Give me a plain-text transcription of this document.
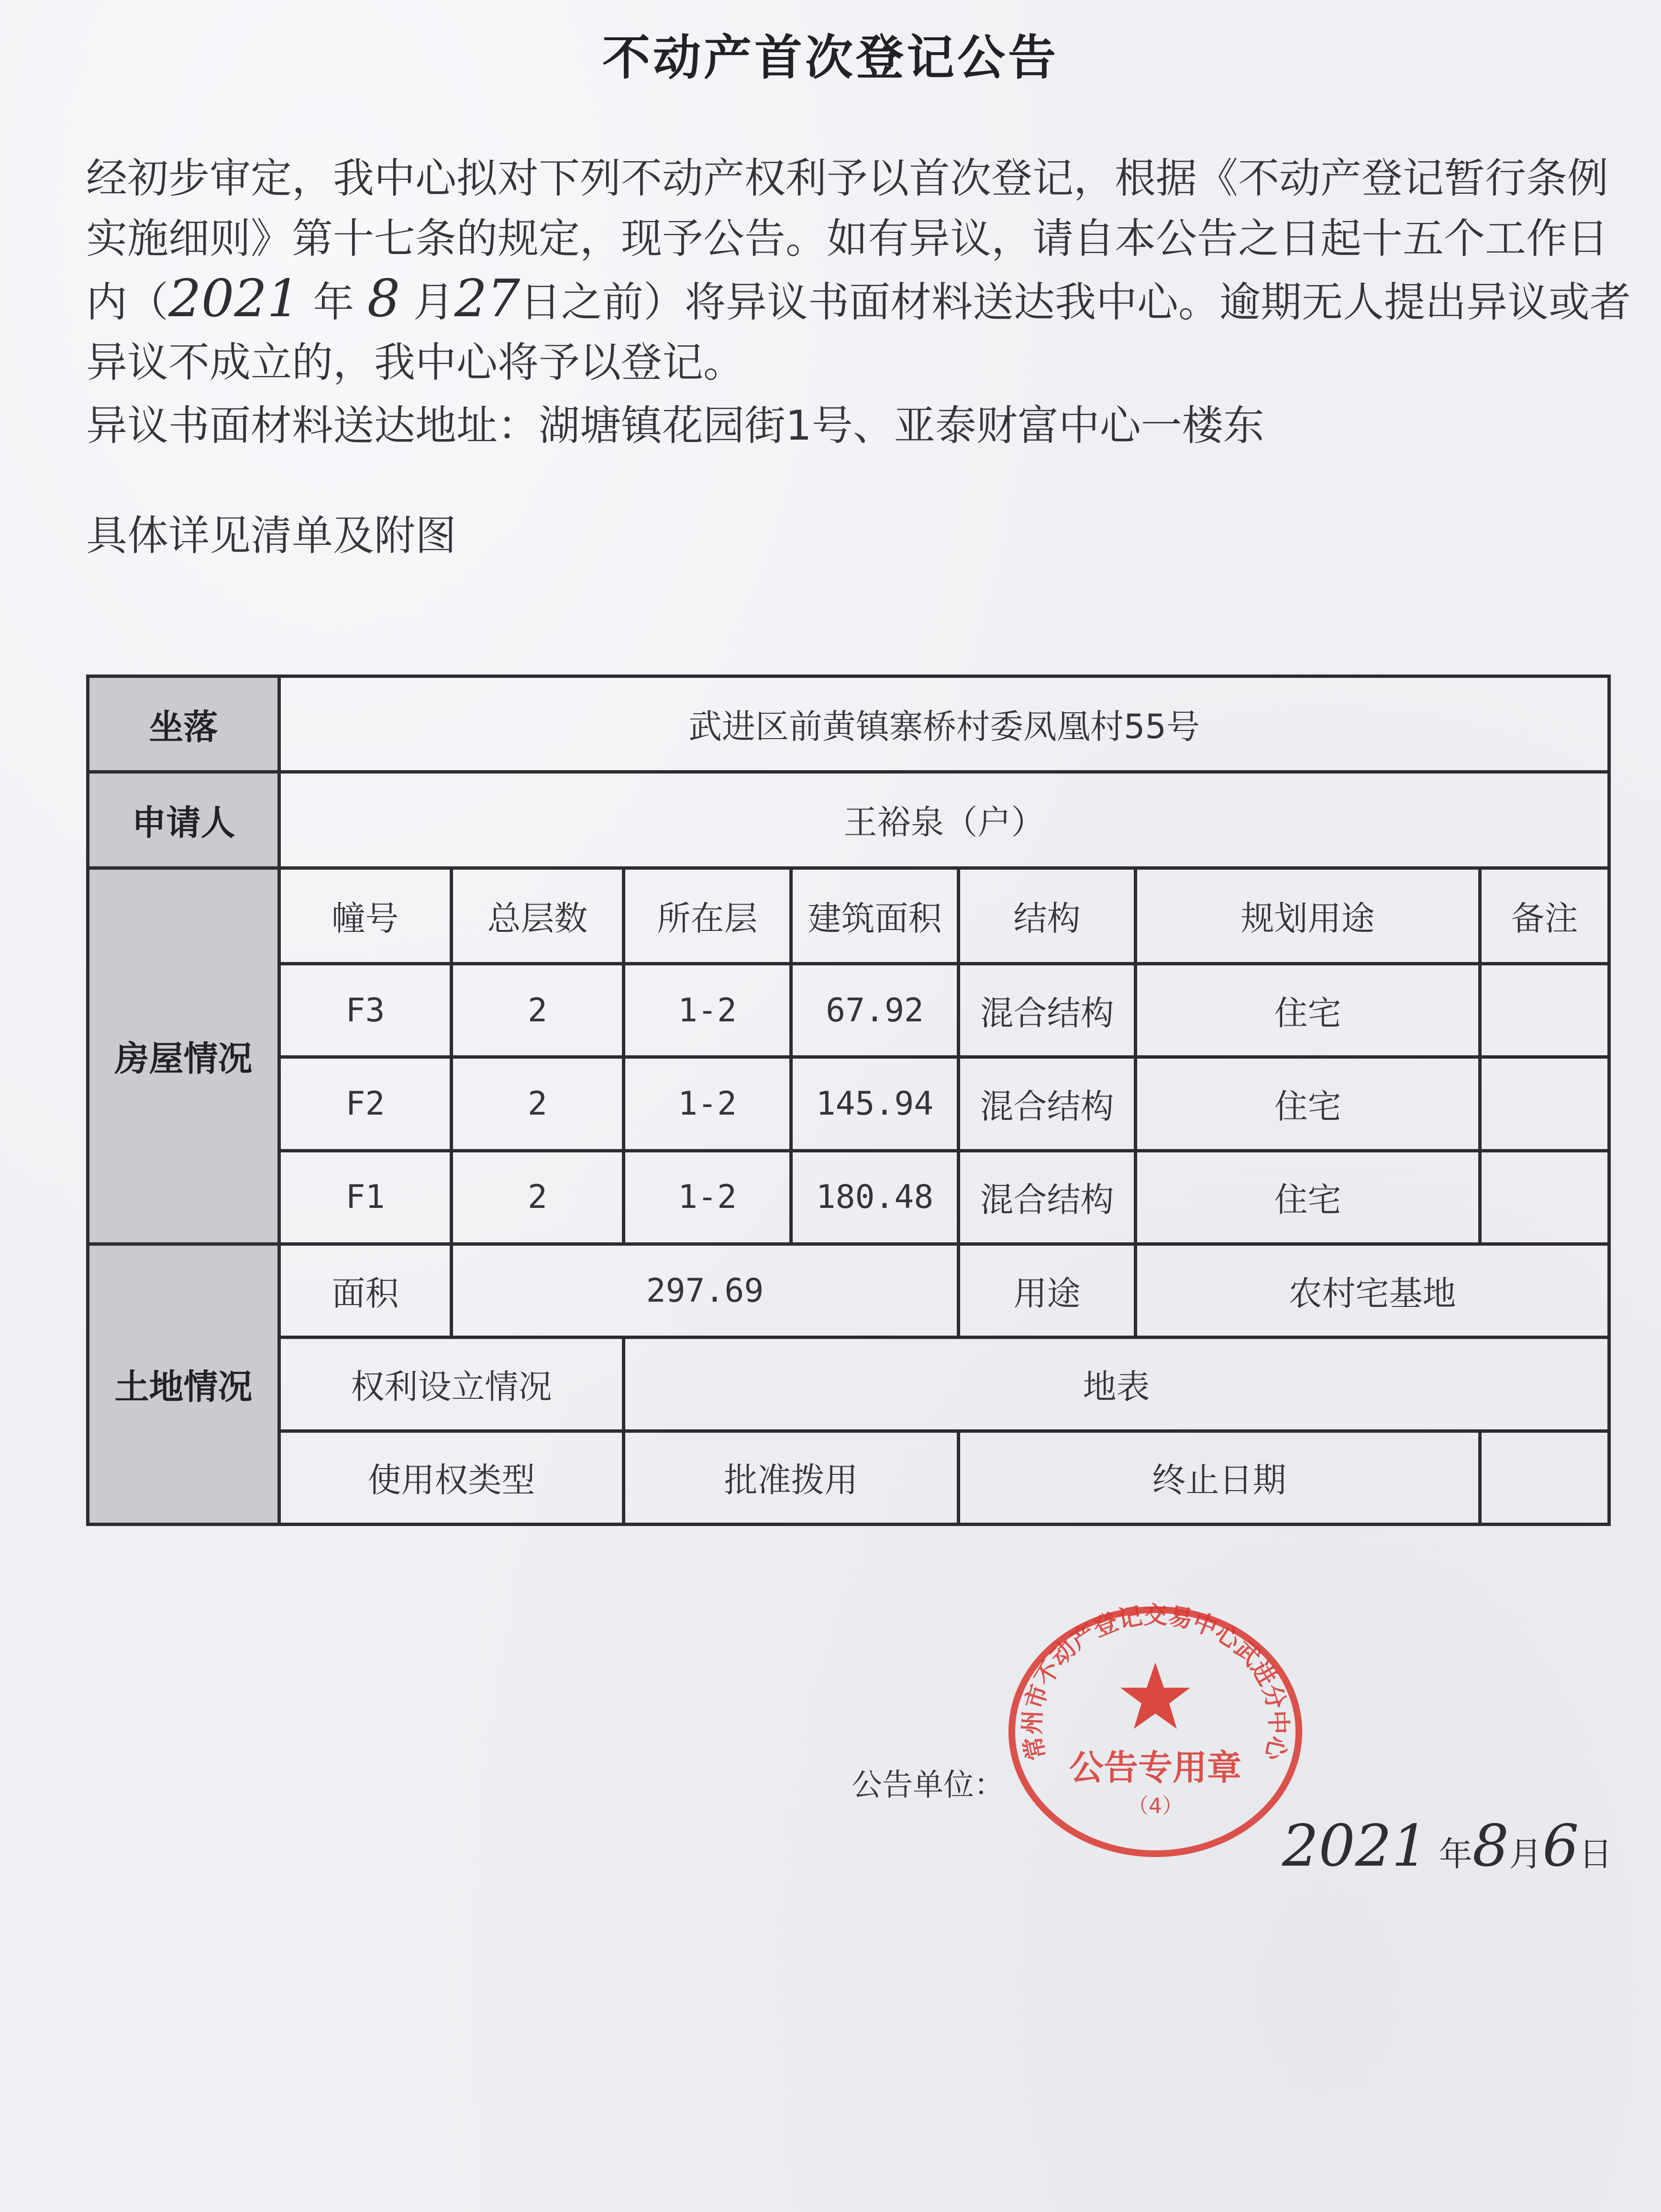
不动产首次登记公告
经初步审定，我中心拟对下列不动产权利予以首次登记，根据《不动产登记暂行条例实施细则》第十七条的规定，现予公告。如有异议，请自本公告之日起十五个工作日内（2021 年 8 月27日之前）将异议书面材料送达我中心。逾期无人提出异议或者异议不成立的，我中心将予以登记。
异议书面材料送达地址：湖塘镇花园街1号、亚泰财富中心一楼东
具体详见清单及附图
坐落	武进区前黄镇寨桥村委凤凰村55号						
申请人	王裕泉（户）						
房屋情况	幢号	总层数	所在层	建筑面积	结构	规划用途	备注
	F3	2	1-2	67.92	混合结构	住宅	
	F2	2	1-2	145.94	混合结构	住宅	
	F1	2	1-2	180.48	混合结构	住宅	
土地情况	面积	297.69			用途	农村宅基地	
	权利设立情况		地表				
	使用权类型		批准拨用		终止日期		
公告单位：
常州市不动产登记交易中心武进分中心
公告专用章
（4）
2021 年8月6日
